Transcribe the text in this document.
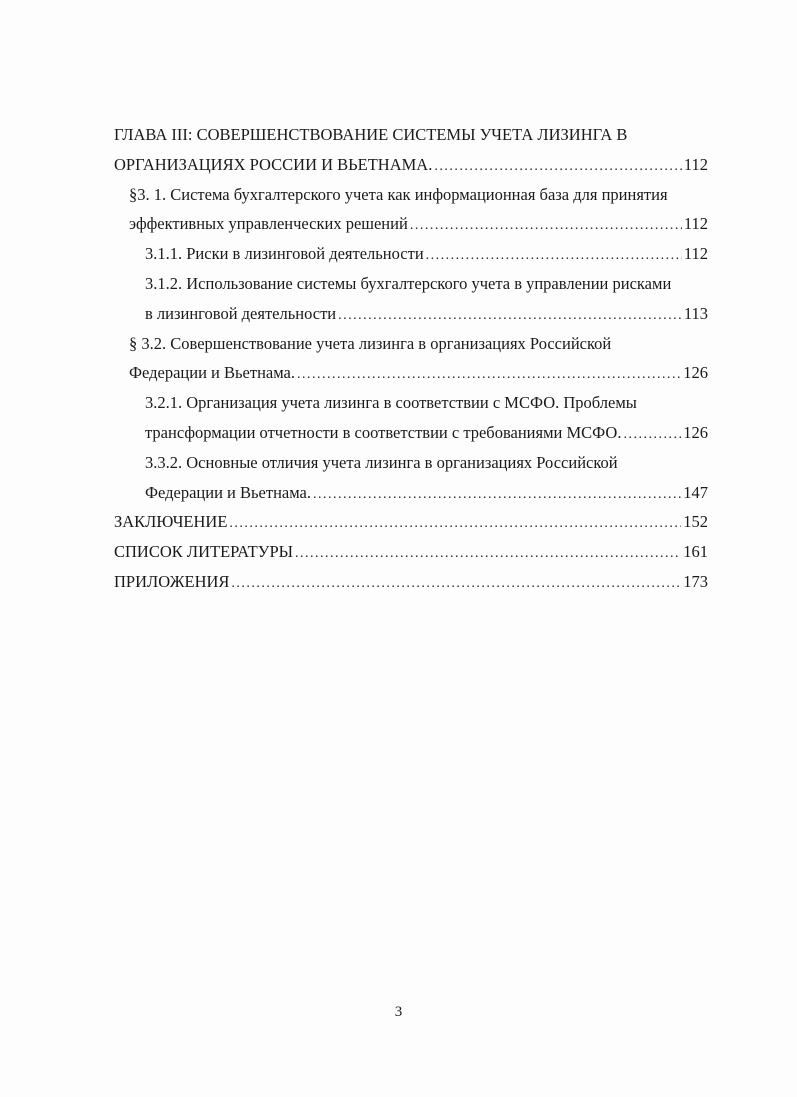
ГЛАВА III: СОВЕРШЕНСТВОВАНИЕ СИСТЕМЫ УЧЕТА ЛИЗИНГА В
ОРГАНИЗАЦИЯХ РОССИИ И ВЬЕТНАМА. .....	112
§3. 1. Система бухгалтерского учета как информационная база для принятия
эффективных управленческих решений .....	112
3.1.1. Риски в лизинговой деятельности .....	112
3.1.2. Использование системы бухгалтерского учета в управлении рисками
в лизинговой деятельности .....	113
§ 3.2. Совершенствование учета лизинга в организациях Российской
Федерации и Вьетнама. .....	126
3.2.1. Организация учета лизинга в соответствии с МСФО. Проблемы
трансформации отчетности в соответствии с требованиями МСФО. .....	126
3.3.2. Основные отличия учета лизинга в организациях Российской
Федерации и Вьетнама. .....	147
ЗАКЛЮЧЕНИЕ .....	152
СПИСОК ЛИТЕРАТУРЫ .....	161
ПРИЛОЖЕНИЯ .....	173
3
